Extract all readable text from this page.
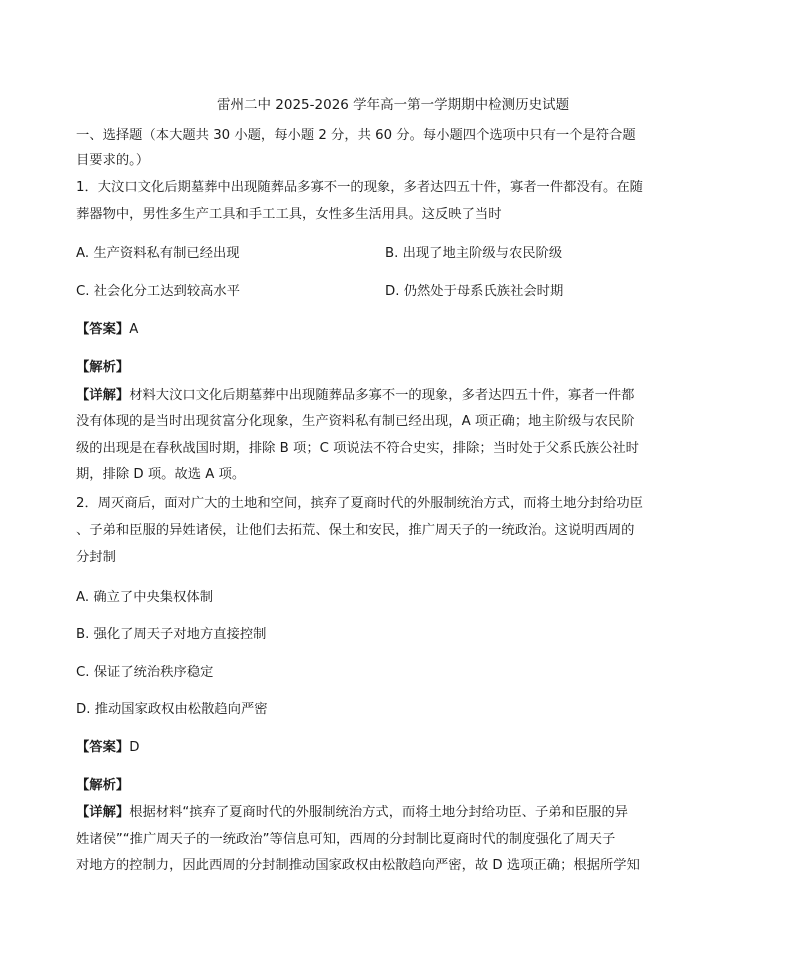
雷州二中 2025-2026 学年高一第一学期期中检测历史试题
一、选择题（本大题共 30 小题，每小题 2 分，共 60 分。每小题四个选项中只有一个是符合题
目要求的。）
1．大汶口文化后期墓葬中出现随葬品多寡不一的现象，多者达四五十件，寡者一件都没有。在随
葬器物中，男性多生产工具和手工工具，女性多生活用具。这反映了当时
A. 生产资料私有制已经出现	B. 出现了地主阶级与农民阶级
C. 社会化分工达到较高水平	D. 仍然处于母系氏族社会时期
【答案】A
【解析】
【详解】材料大汶口文化后期墓葬中出现随葬品多寡不一的现象，多者达四五十件，寡者一件都
没有体现的是当时出现贫富分化现象，生产资料私有制已经出现，A 项正确；地主阶级与农民阶
级的出现是在春秋战国时期，排除 B 项；C 项说法不符合史实，排除；当时处于父系氏族公社时
期，排除 D 项。故选 A 项。
2．周灭商后，面对广大的土地和空间，摈弃了夏商时代的外服制统治方式，而将土地分封给功臣
、子弟和臣服的异姓诸侯，让他们去拓荒、保土和安民，推广周天子的一统政治。这说明西周的
分封制
A. 确立了中央集权体制
B. 强化了周天子对地方直接控制
C. 保证了统治秩序稳定
D. 推动国家政权由松散趋向严密
【答案】D
【解析】
【详解】根据材料“摈弃了夏商时代的外服制统治方式，而将土地分封给功臣、子弟和臣服的异
姓诸侯”“推广周天子的一统政治”等信息可知，西周的分封制比夏商时代的制度强化了周天子
对地方的控制力，因此西周的分封制推动国家政权由松散趋向严密，故 D 选项正确；根据所学知
